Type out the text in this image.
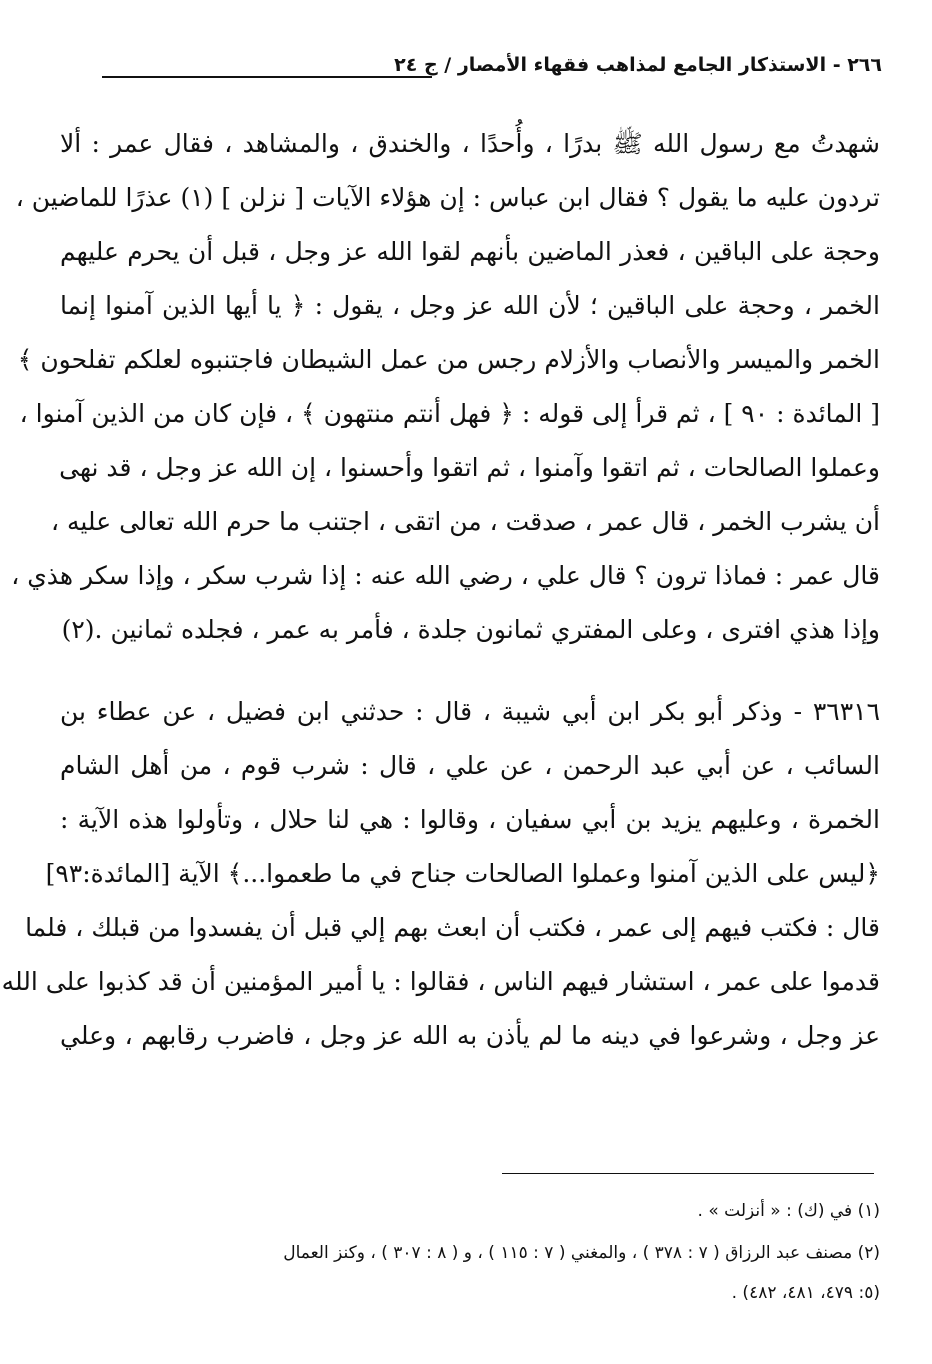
٢٦٦ - الاستذكار الجامع لمذاهب فقهاء الأمصار / ج ٢٤
شهدتُ مع رسول الله ﷺ بدرًا ، وأُحدًا ، والخندق ، والمشاهد ، فقال عمر : ألا
تردون عليه ما يقول ؟ فقال ابن عباس : إن هؤلاء الآيات [ نزلن ] (١) عذرًا للماضين ،
وحجة على الباقين ، فعذر الماضين بأنهم لقوا الله عز وجل ، قبل أن يحرم عليهم
الخمر ، وحجة على الباقين ؛ لأن الله عز وجل ، يقول : ﴿ يا أيها الذين آمنوا إنما
الخمر والميسر والأنصاب والأزلام رجس من عمل الشيطان فاجتنبوه لعلكم تفلحون ﴾
[ المائدة : ٩٠ ] ، ثم قرأ إلى قوله : ﴿ فهل أنتم منتهون ﴾ ، فإن كان من الذين آمنوا ،
وعملوا الصالحات ، ثم اتقوا وآمنوا ، ثم اتقوا وأحسنوا ، إن الله عز وجل ، قد نهى
أن يشرب الخمر ، قال عمر ، صدقت ، من اتقى ، اجتنب ما حرم الله تعالى عليه ،
قال عمر : فماذا ترون ؟ قال علي ، رضي الله عنه : إذا شرب سكر ، وإذا سكر هذي ،
وإذا هذي افترى ، وعلى المفتري ثمانون جلدة ، فأمر به عمر ، فجلده ثمانين .(٢)
٣٦٣١٦ - وذكر أبو بكر ابن أبي شيبة ، قال : حدثني ابن فضيل ، عن عطاء بن
السائب ، عن أبي عبد الرحمن ، عن علي ، قال : شرب قوم ، من أهل الشام
الخمرة ، وعليهم يزيد بن أبي سفيان ، وقالوا : هي لنا حلال ، وتأولوا هذه الآية :
﴿ليس على الذين آمنوا وعملوا الصالحات جناح في ما طعموا...﴾ الآية [المائدة:٩٣]
قال : فكتب فيهم إلى عمر ، فكتب أن ابعث بهم إلي قبل أن يفسدوا من قبلك ، فلما
قدموا على عمر ، استشار فيهم الناس ، فقالوا : يا أمير المؤمنين أن قد كذبوا على الله
عز وجل ، وشرعوا في دينه ما لم يأذن به الله عز وجل ، فاضرب رقابهم ، وعلي
(١) في (ك) : « أنزلت » .
(٢) مصنف عبد الرزاق ( ٧ : ٣٧٨ ) ، والمغني ( ٧ : ١١٥ ) ، و ( ٨ : ٣٠٧ ) ، وكنز العمال
(٥: ٤٧٩، ٤٨١، ٤٨٢) .
